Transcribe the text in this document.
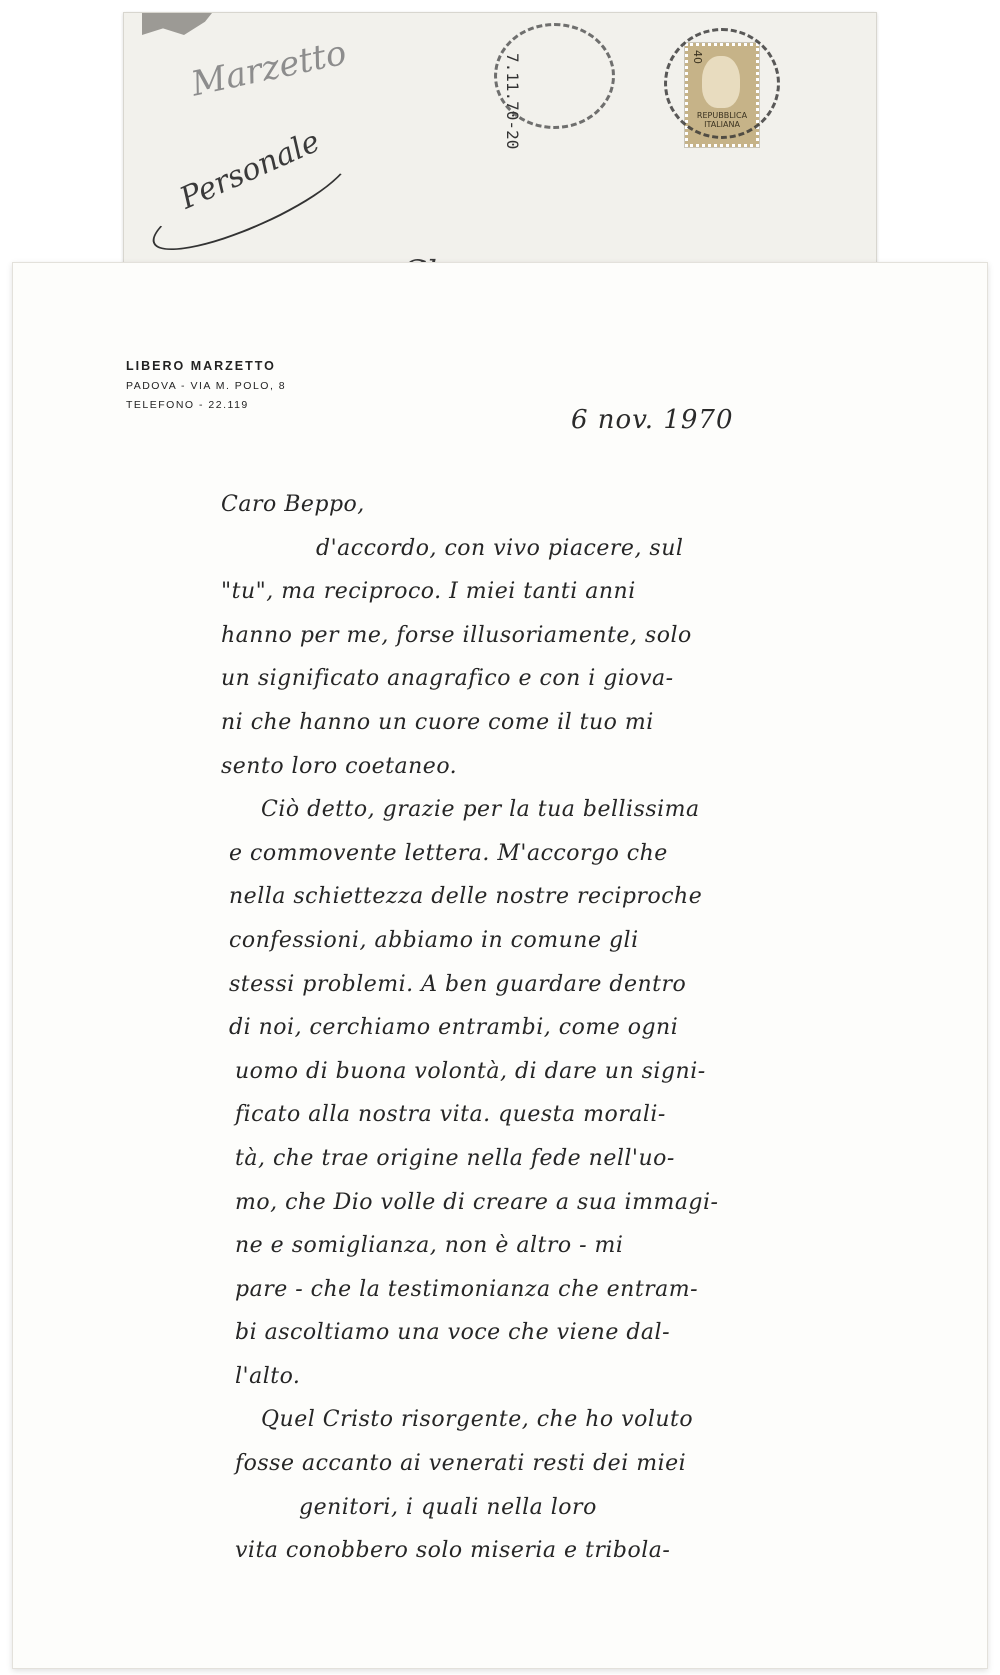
Marzetto
Personale
7.11.70-20	40
REPUBBLICA ITALIANA
LIBERO MARZETTO
PADOVA - VIA M. POLO, 8
TELEFONO - 22.119	6 nov. 1970
Caro Beppo,
d'accordo, con vivo piacere, sul
"tu", ma reciproco. I miei tanti anni
hanno per me, forse illusoriamente, solo
un significato anagrafico e con i giova-
ni che hanno un cuore come il tuo mi
sento loro coetaneo.
Ciò detto, grazie per la tua bellissima
e commovente lettera. M'accorgo che
nella schiettezza delle nostre reciproche
confessioni, abbiamo in comune gli
stessi problemi. A ben guardare dentro
di noi, cerchiamo entrambi, come ogni
uomo di buona volontà, di dare un signi-
ficato alla nostra vita. questa morali-
tà, che trae origine nella fede nell'uo-
mo, che Dio volle di creare a sua immagi-
ne e somiglianza, non è altro - mi
pare - che la testimonianza che entram-
bi ascoltiamo una voce che viene dal-
l'alto.
Quel Cristo risorgente, che ho voluto
fosse accanto ai venerati resti dei miei
genitori, i quali nella loro
vita conobbero solo miseria e tribola-
